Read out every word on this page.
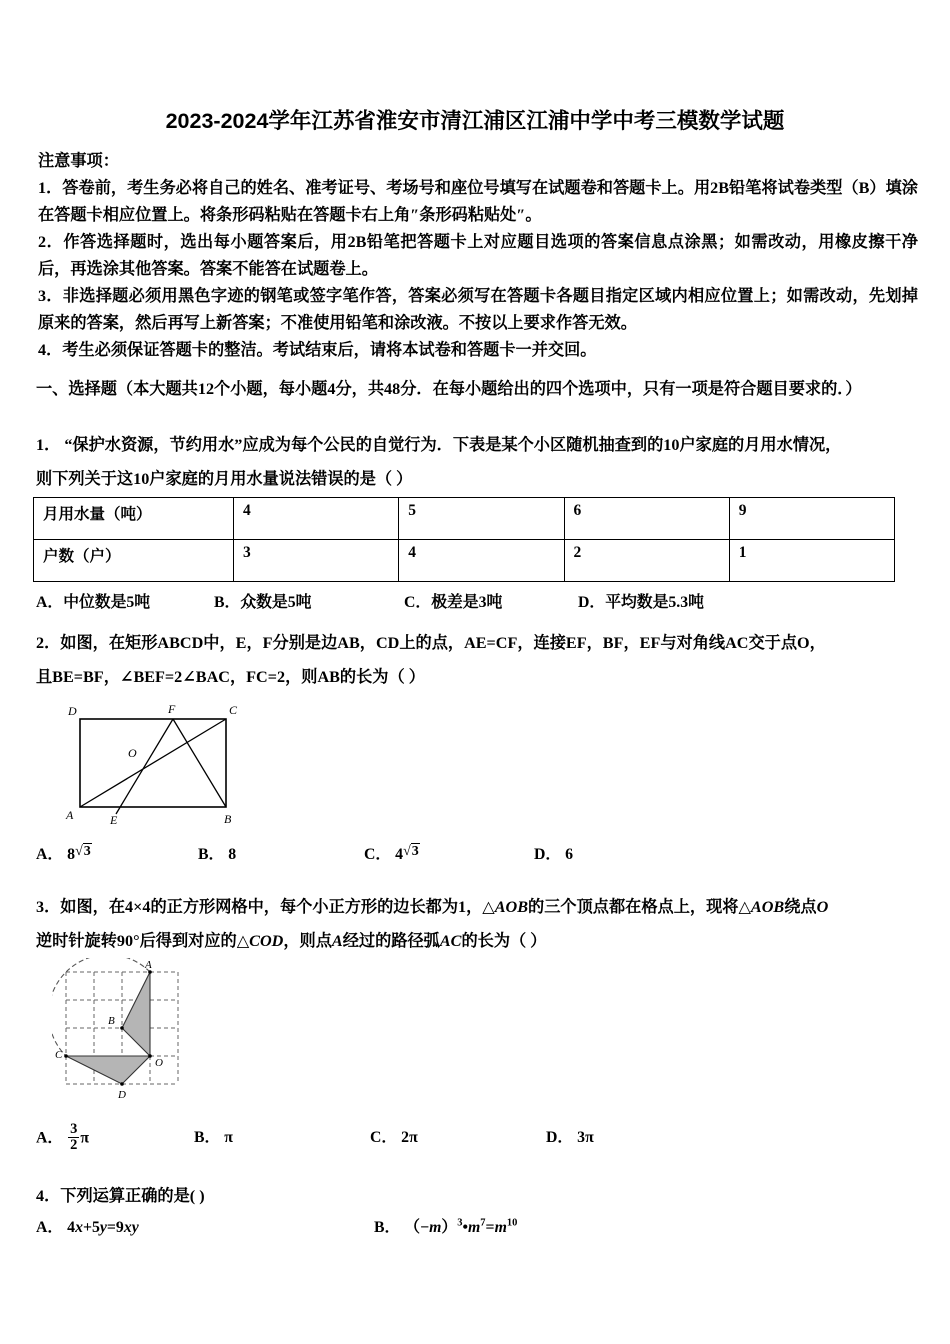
2023-2024学年江苏省淮安市清江浦区江浦中学中考三模数学试题

注意事项：

1．答卷前，考生务必将自己的姓名、准考证号、考场号和座位号填写在试题卷和答题卡上。用2B铅笔将试卷类型（B）填涂在答题卡相应位置上。将条形码粘贴在答题卡右上角″条形码粘贴处″。

2．作答选择题时，选出每小题答案后，用2B铅笔把答题卡上对应题目选项的答案信息点涂黑；如需改动，用橡皮擦干净后，再选涂其他答案。答案不能答在试题卷上。

3．非选择题必须用黑色字迹的钢笔或签字笔作答，答案必须写在答题卡各题目指定区域内相应位置上；如需改动，先划掉原来的答案，然后再写上新答案；不准使用铅笔和涂改液。不按以上要求作答无效。

4．考生必须保证答题卡的整洁。考试结束后，请将本试卷和答题卡一并交回。

一、选择题（本大题共12个小题，每小题4分，共48分．在每小题给出的四个选项中，只有一项是符合题目要求的．）
1． “保护水资源，节约用水”应成为每个公民的自觉行为．下表是某个小区随机抽查到的10户家庭的月用水情况，
则下列关于这10户家庭的月用水量说法错误的是（ ）
月用水量（吨）	4	5	6	9
户数（户）	3	4	2	1
A．中位数是5吨	B．众数是5吨	C．极差是3吨	D．平均数是5.3吨
2．如图，在矩形ABCD中，E，F分别是边AB，CD上的点，AE=CF，连接EF，BF，EF与对角线AC交于点O，
且BE=BF，∠BEF=2∠BAC，FC=2，则AB的长为（ ）
D	F	C
O
A	E	B
A． 8√3	B． 8	C． 4√3	D． 6
3．如图，在4×4的正方形网格中，每个小正方形的边长都为1，△AOB的三个顶点都在格点上，现将△AOB绕点O
逆时针旋转90°后得到对应的△COD，则点A经过的路径弧AC的长为（ ）
A
B
C
D
O
A． $\frac{3}{2}$ π	B． π	C． 2π	D． 3π
4．下列运算正确的是( )
A． 4x+5y=9xy	B． $(-m)^3•m^7=m^{10}$
